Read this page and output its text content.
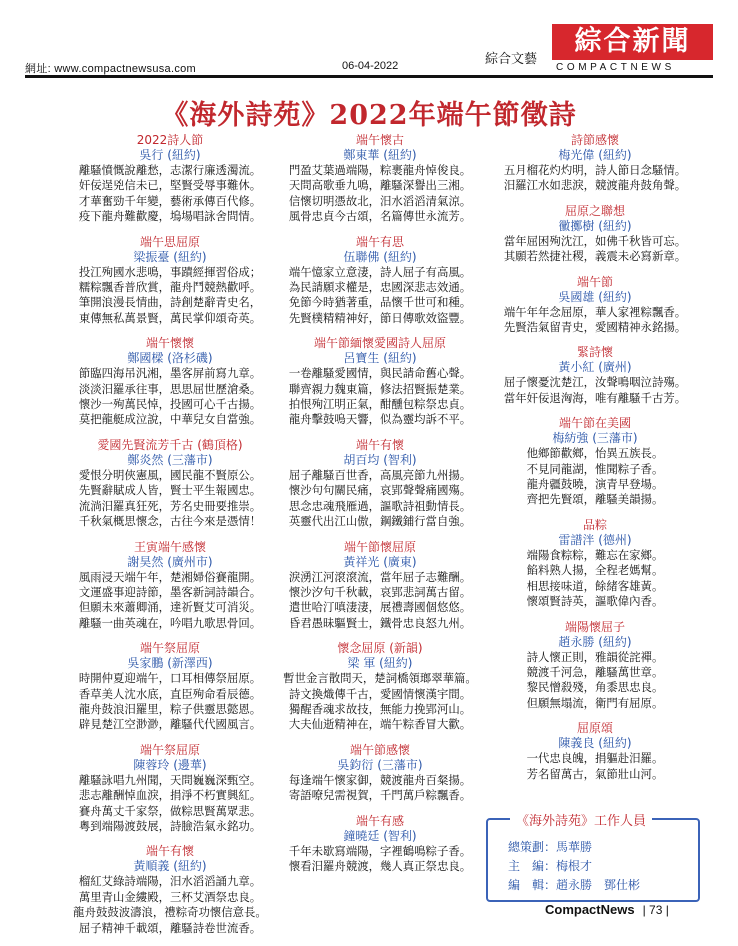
網址: www.compactnewsusa.com	06-04-2022	綜合文藝
綜合新聞
COMPACTNEWS
《海外詩苑》2022年端午節徵詩
2022詩人節
吳行 (紐約)
離騷憤慨說離愁，志潔行廉透濁流。
奸佞逞兇信未已，堅賢受辱事難休。
才華奮勁千年變，藝術承傳百代修。
疫下龍舟難歡慶，塢場唱詠舍問情。
端午思屈原
梁振臺 (紐約)
投江殉國水悲鳴，事蹟經揮習俗成；
糯粽飄香普欣賞，龍舟鬥競熱歡呼。
筆開浪漫長情曲，詩創楚辭青史名，
東傳無私萬景賢，萬民掌仰頌奇英。
端午懷懷
鄭國樑 (洛杉磯)
節臨四海吊汎湘，墨客屏前寫九章。
淡淡汨羅承往事，思思屈世歷滄桑。
懷沙一殉萬民悼，投國可心千古揚。
莫把龍艇成泣說，中華兒女自當強。
愛國先賢流芳千古 (鶴頂格)
鄭炎然 (三藩市)
愛恨分明俠憲風，國民龍不賢原公。
先賢辭賦成人皆，賢士平生報國忠。
流淌汨羅真狂死，芳名史冊要推崇。
千秋氣概思懷念，古往今來是憑情！
王寅端午感懷
謝昊然 (廣州市)
風雨浸天端午年，楚湘婦俗賽龍開。
文運盛事迎詩節，墨客新詞詩韻合。
但願未來蕭卿涌，達祈賢艾可消災。
離騷一曲英魂在，吟唱九歌思骨回。
端午祭屈原
吳家鵬 (新澤西)
時開仲夏迎端午，口耳相傳祭屈原。
香草美人沈水底，直臣殉命看辰德。
龍舟鼓浪汨羅里，粽子供靈思懿恩。
辟見楚江空渺渺，離騷代代國風言。
端午祭屈原
陳蓉玲 (邊華)
離騷詠唱九州聞，天問巍巍深甄空。
悲志離酬悼血淚，捐淨不朽實興紅。
賽舟萬丈千家祭，做粽思賢萬眾悲。
粵到端陽渡鼓展，詩臉浩氣永銘功。
端午有懷
黃順義 (紐約)
榴紅艾綠詩端陽，汨水滔滔誦九章。
萬里青山金縷殿，三杯艾酒祭忠良。
龍舟鼓鼓波濤浪，禮粽奇功懷信意長。
屈子精神千載頌，離騷詩卷世流香。
端午懷古
鄭東華 (紐約)
門盈艾葉過端陽，粽裹龍舟悼俊良。
天問高歌垂九鳴，離騷深譽出三湘。
信懷切明憑故北，汨水滔滔清氣涼。
風骨忠貞今古頌，名篇傳世永流芳。
端午有思
伍聯佛 (紐約)
端午憶家立意淒，詩人屈子有高風。
為民請願求權是，忠國深悲志效通。
免節今時猶著重，品懷千世可和種。
先賢樸精精神好，節日傳歌效盜豐。
端午節緬懷愛國詩人屈原
呂寶生 (紐約)
一卷離騷愛國情，與民請命舊心聲。
聯齊親力魏東篇，修法招賢振楚業。
拍恨殉江明正氣，酣醺包粽祭忠貞。
龍舟擊鼓嗚天響，似為靈均訴不平。
端午有懷
胡百均 (智利)
屈子離騷百世香，高風亮節九州揚。
懷沙句句關民痛，哀郢聲聲痛國殤。
思念忠魂飛雁過，謳歌詩祖動情長。
英靈代出江山傲，鋼鐵鋪行當自強。
端午節懷屈原
黃祥光 (廣東)
淚湧江河滾滾流，當年屈子志難酬。
懷沙汐句千秋載，哀郢悲詞萬古留。
遣世哈汀嗔淒淒，展禮壽國個悠悠。
昏君愚昧驅賢士，鐵骨忠良怒九州。
懷念屈原 (新韻)
梁 軍 (紐約)
暫世金言散問天，楚詞橋領瑯翠華篇。
詩文換熾傳千古，愛國情懷漢宇間。
獨醒香魂求故技，無能力挽郢河山。
大夫仙逝精神在，端午粽香冒大歡。
端午節感懷
吳鈞衍 (三藩市)
每逢端午懷家御，競渡龍舟百粲揚。
寄語嘹兒需視賀，千門萬戶粽飄香。
端午有感
鐘曉廷 (智利)
千年未歇寫端陽，字裡鶴鳴粽子香。
懷看汨羅舟競渡，幾人真正祭忠良。
詩節感懷
梅光偉 (紐約)
五月榴花灼灼明，詩人節日念騷情。
汨羅江水如悲淚，競渡龍舟鼓角聲。
屈原之聯想
黴擲樹 (紐約)
當年屈困殉沈江，如佛千秋皆可忘。
其願若然捷社稷，義震未必寫新章。
端午節
吳國雄 (紐約)
端午年年念屈原，華人家裡粽飄香。
先賢浩氣留青史，愛國精神永銘揚。
緊詩懷
黃小紅 (廣州)
屈子懷憂沈楚江，汝聲鳴咽泣詩殤。
當年奸佞退洶海，唯有離騷千古芳。
端午節在美國
梅紡強 (三藩市)
他鄉節歡鄉，怡異五族長。
不見同龍湖，惟聞粽子香。
龍舟疆鼓曉，演青早登場。
齊把先賢頌，離騷美韻揚。
品粽
雷譜泮 (德州)
端陽食粽粽，難忘在家鄉。
餡料熟人揚，全程老媽幫。
相思接味道，餘緒客雄黃。
懷頌賢詩英，謳歌偉內香。
端陽懷屈子
趙永勝 (紐約)
詩人懷正則，雅韻從詫禪。
競渡千河急，離騷萬世章。
黎民憎殺殘，角黍思忠良。
但願無塌流，衛門有屈原。
屈原頌
陳義良 (紐約)
一代忠良魄，捐軀赴汨羅。
芳名留萬古，氣節壯山河。
《海外詩苑》工作人員
總策劃：馬華勝
主　編：梅根才
編　輯：趙永勝　鄧仕彬
CompactNews | 73 |
